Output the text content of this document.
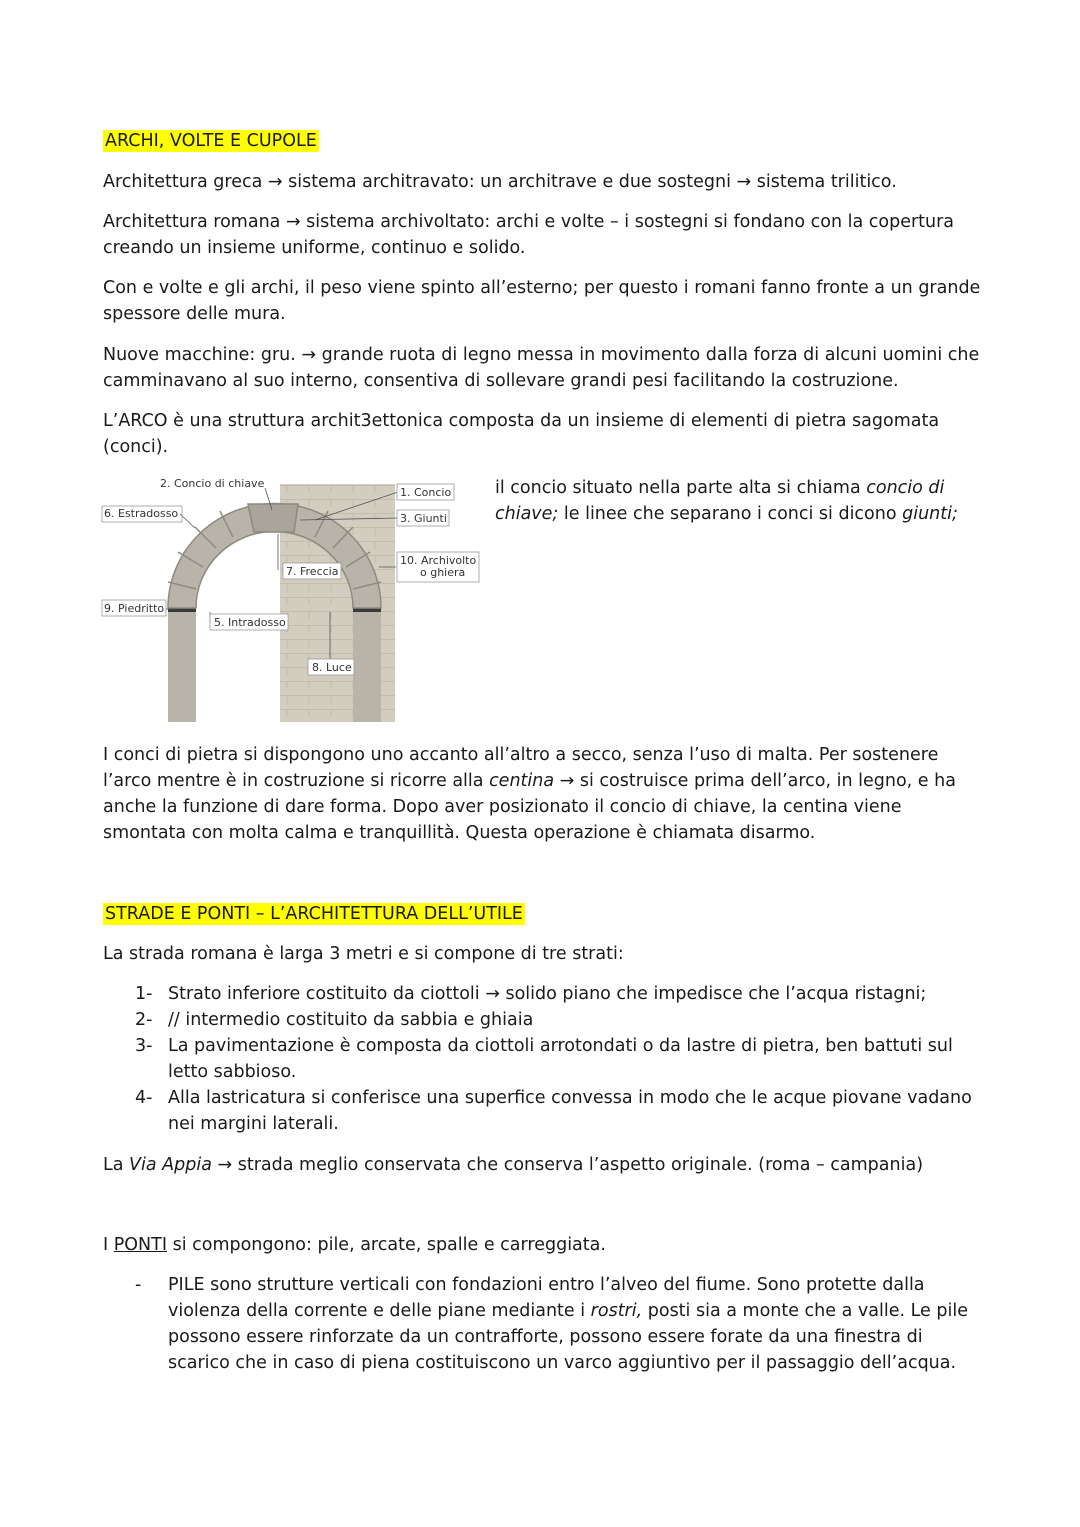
ARCHI, VOLTE E CUPOLE

Architettura greca → sistema architravato: un architrave e due sostegni → sistema trilitico.

Architettura romana → sistema archivoltato: archi e volte – i sostegni si fondano con la copertura creando un insieme uniforme, continuo e solido.

Con e volte e gli archi, il peso viene spinto all’esterno; per questo i romani fanno fronte a un grande spessore delle mura.

Nuove macchine: gru. → grande ruota di legno messa in movimento dalla forza di alcuni uomini che camminavano al suo interno, consentiva di sollevare grandi pesi facilitando la costruzione.

L’ARCO è una struttura archit3ettonica composta da un insieme di elementi di pietra sagomata (conci).

2. Concio di chiave
6. Estradosso
1. Concio
3. Giunti
10. Archivolto
o ghiera
7. Freccia
9. Piedritto
5. Intradosso
8. Luce

il concio situato nella parte alta si chiama concio di chiave; le linee che separano i conci si dicono giunti;

I conci di pietra si dispongono uno accanto all’altro a secco, senza l’uso di malta. Per sostenere l’arco mentre è in costruzione si ricorre alla centina → si costruisce prima dell’arco, in legno, e ha anche la funzione di dare forma. Dopo aver posizionato il concio di chiave, la centina viene smontata con molta calma e tranquillità. Questa operazione è chiamata disarmo.

STRADE E PONTI – L’ARCHITETTURA DELL’UTILE

La strada romana è larga 3 metri e si compone di tre strati:

1- Strato inferiore costituito da ciottoli → solido piano che impedisce che l’acqua ristagni;
2- // intermedio costituito da sabbia e ghiaia
3- La pavimentazione è composta da ciottoli arrotondati o da lastre di pietra, ben battuti sul letto sabbioso.
4- Alla lastricatura si conferisce una superfice convessa in modo che le acque piovane vadano nei margini laterali.

La Via Appia → strada meglio conservata che conserva l’aspetto originale. (roma – campania)

I PONTI si compongono: pile, arcate, spalle e carreggiata.

-	PILE sono strutture verticali con fondazioni entro l’alveo del fiume. Sono protette dalla violenza della corrente e delle piane mediante i rostri, posti sia a monte che a valle. Le pile possono essere rinforzate da un contrafforte, possono essere forate da una finestra di scarico che in caso di piena costituiscono un varco aggiuntivo per il passaggio dell’acqua.
